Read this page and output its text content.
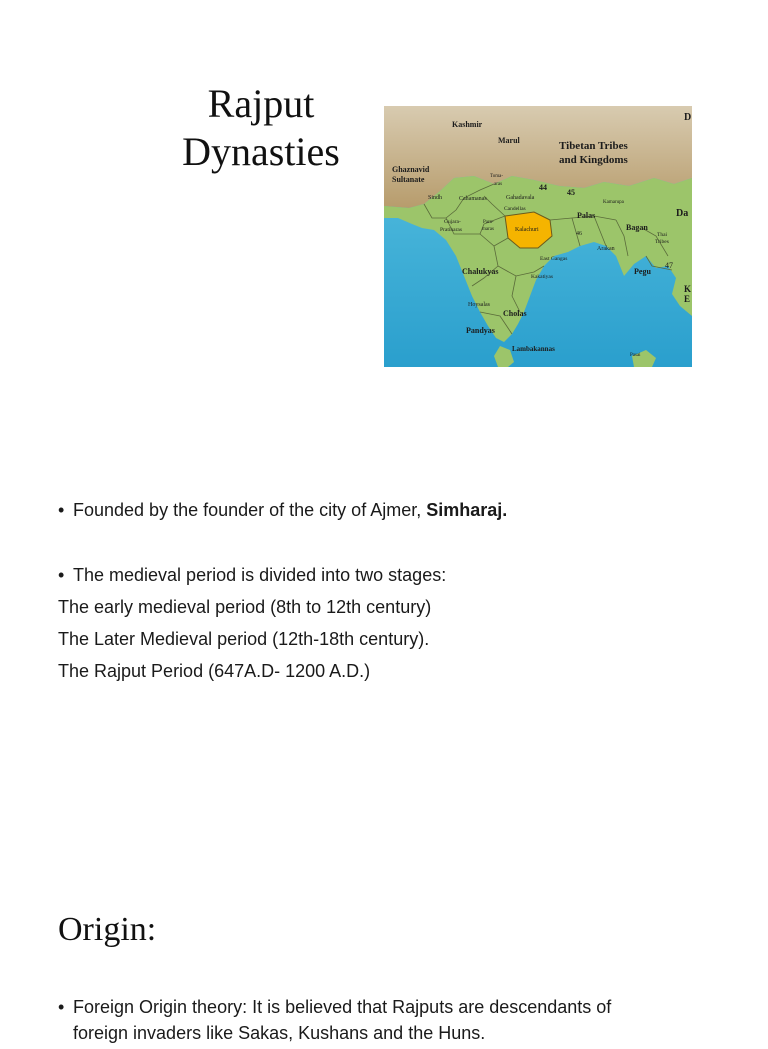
Rajput
Dynasties
Kashmir
Marul	Tibetan Tribes
and Kingdoms
Ghaznavid
Sultanate	Toma-
aras
Cahamanas	Gahadavala
Candellas
Sindh
44
45
Kamarupa
Palas
Gujara-
Pratiharas
Para-
maras	Kalachuri
46
Bagan
Thai
Tribes
Arakan
East Gangas
Chalukyas
Kakatiyas
Pegu
47
Hoysalas
Cholas
Pandyas
Lambakannas
Pasai
D
Da
K
E

• Founded by the founder of the city of Ajmer, Simharaj.

• The medieval period is divided into two stages:

The early medieval period (8th to 12th century)

The Later Medieval period (12th-18th century).

The Rajput Period (647A.D- 1200 A.D.)

Origin:

• Foreign Origin theory: It is believed that Rajputs are descendants of

foreign invaders like Sakas, Kushans and the Huns.
